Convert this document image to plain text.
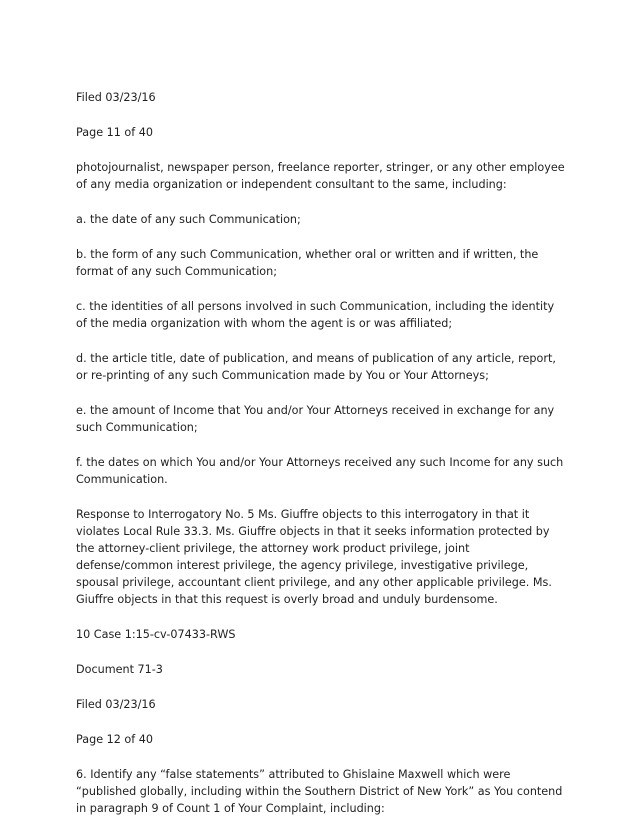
Filed 03/23/16

Page 11 of 40

photojournalist, newspaper person, freelance reporter, stringer, or any other employee of any media organization or independent consultant to the same, including:

a. the date of any such Communication;

b. the form of any such Communication, whether oral or written and if written, the format of any such Communication;

c. the identities of all persons involved in such Communication, including the identity of the media organization with whom the agent is or was affiliated;

d. the article title, date of publication, and means of publication of any article, report, or re-printing of any such Communication made by You or Your Attorneys;

e. the amount of Income that You and/or Your Attorneys received in exchange for any such Communication;

f. the dates on which You and/or Your Attorneys received any such Income for any such Communication.

Response to Interrogatory No. 5 Ms. Giuffre objects to this interrogatory in that it violates Local Rule 33.3. Ms. Giuffre objects in that it seeks information protected by the attorney-client privilege, the attorney work product privilege, joint defense/common interest privilege, the agency privilege, investigative privilege, spousal privilege, accountant client privilege, and any other applicable privilege. Ms. Giuffre objects in that this request is overly broad and unduly burdensome.

10 Case 1:15-cv-07433-RWS

Document 71-3

Filed 03/23/16

Page 12 of 40

6. Identify any “false statements” attributed to Ghislaine Maxwell which were “published globally, including within the Southern District of New York” as You contend in paragraph 9 of Count 1 of Your Complaint, including:
